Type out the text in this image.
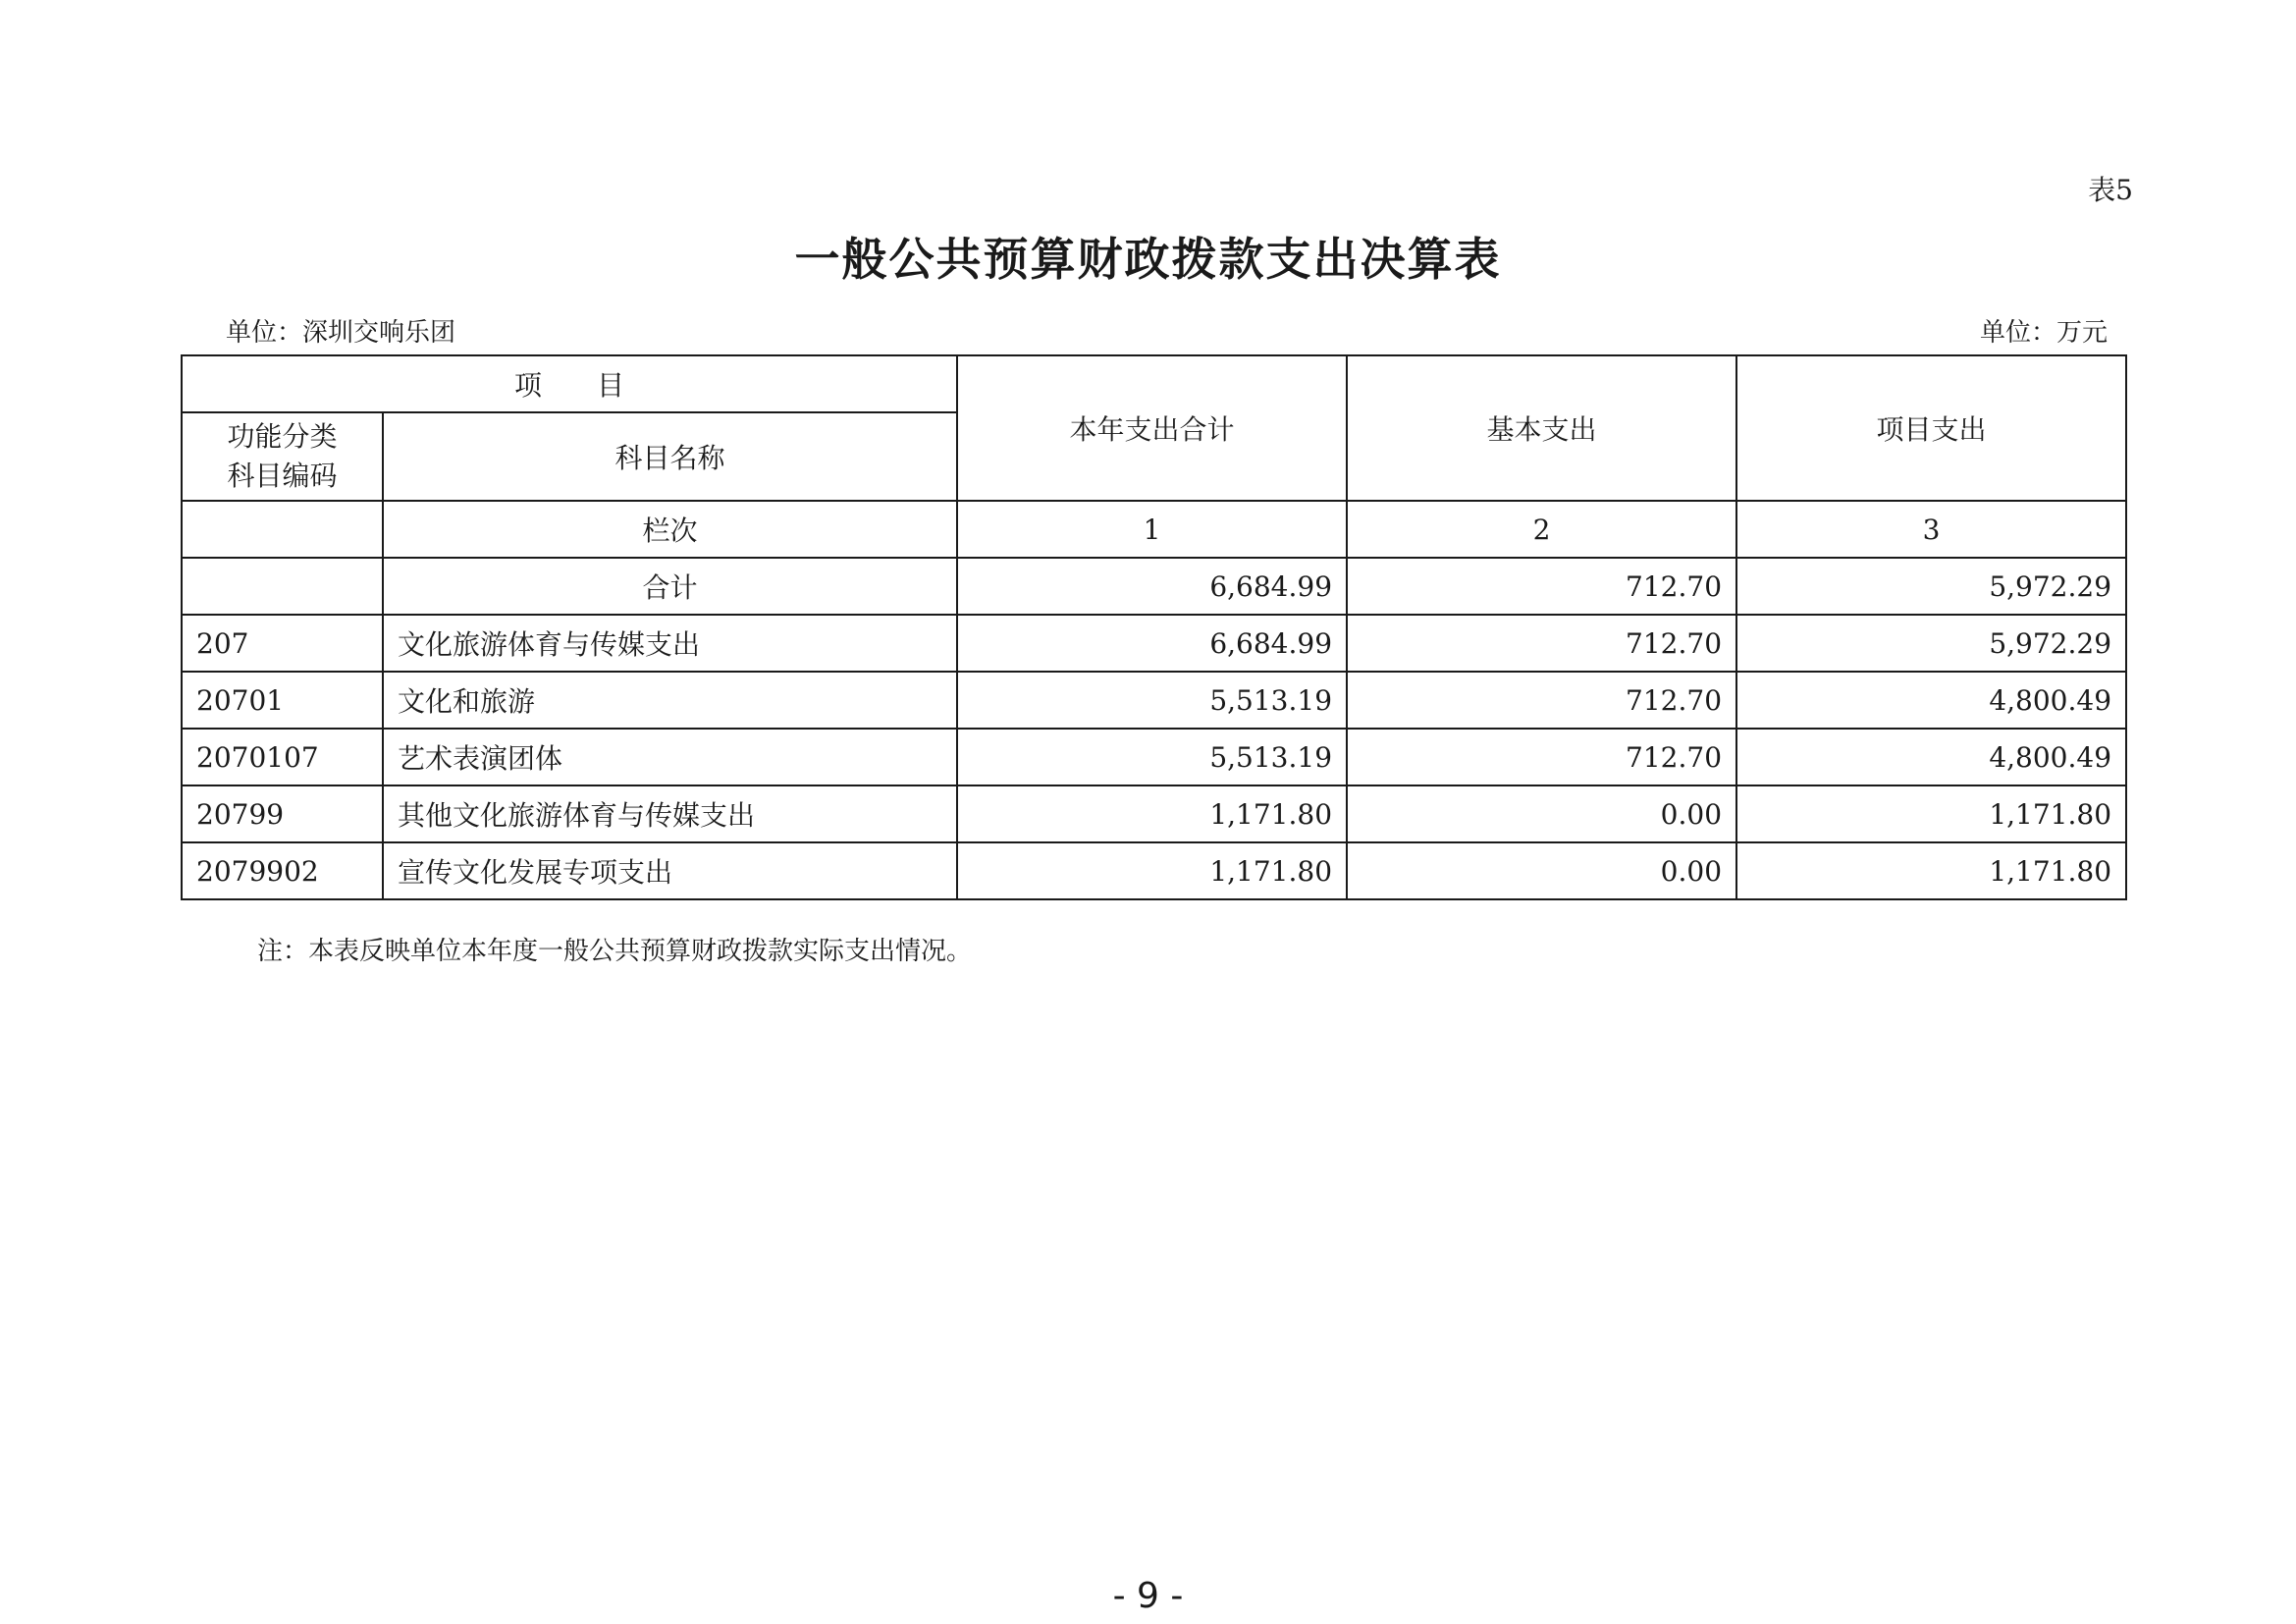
表5
一般公共预算财政拨款支出决算表
单位：深圳交响乐团	单位：万元
项　　目		本年支出合计	基本支出	项目支出
功能分类
科目编码	科目名称			
	栏次	1	2	3
	合计	6,684.99	712.70	5,972.29
207	文化旅游体育与传媒支出	6,684.99	712.70	5,972.29
20701	文化和旅游	5,513.19	712.70	4,800.49
2070107	艺术表演团体	5,513.19	712.70	4,800.49
20799	其他文化旅游体育与传媒支出	1,171.80	0.00	1,171.80
2079902	宣传文化发展专项支出	1,171.80	0.00	1,171.80
注：本表反映单位本年度一般公共预算财政拨款实际支出情况。
- 9 -
